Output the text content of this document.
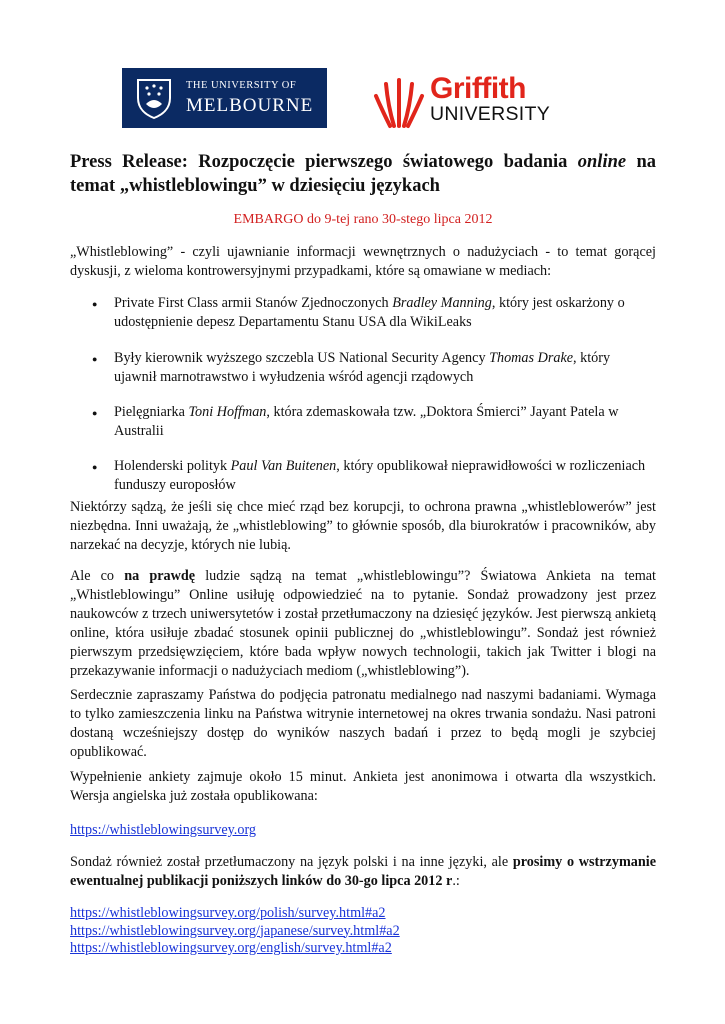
THE UNIVERSITY OF
MELBOURNE
Griffith
UNIVERSITY
Press Release: Rozpoczęcie pierwszego światowego badania online na temat „whistleblowingu” w dziesięciu językach
EMBARGO do 9-tej rano 30-stego lipca 2012

„Whistleblowing” - czyli ujawnianie informacji wewnętrznych o nadużyciach - to temat gorącej dyskusji, z wieloma kontrowersyjnymi przypadkami, które są omawiane w mediach:

● Private First Class armii Stanów Zjednoczonych Bradley Manning, który jest oskarżony o udostępnienie depesz Departamentu Stanu USA dla WikiLeaks
● Były kierownik wyższego szczebla US National Security Agency Thomas Drake, który ujawnił marnotrawstwo i wyłudzenia wśród agencji rządowych
● Pielęgniarka Toni Hoffman, która zdemaskowała tzw. „Doktora Śmierci” Jayant Patela w Australii
● Holenderski polityk Paul Van Buitenen, który opublikował nieprawidłowości w rozliczeniach funduszy europosłów

Niektórzy sądzą, że jeśli się chce mieć rząd bez korupcji, to ochrona prawna „whistleblowerów” jest niezbędna. Inni uważają, że „whistleblowing” to głównie sposób, dla biurokratów i pracowników, aby narzekać na decyzje, których nie lubią.

Ale co na prawdę ludzie sądzą na temat „whistleblowingu”? Światowa Ankieta na temat „Whistleblowingu” Online usiłuję odpowiedzieć na to pytanie. Sondaż prowadzony jest przez naukowców z trzech uniwersytetów i został przetłumaczony na dziesięć języków. Jest pierwszą ankietą online, która usiłuje zbadać stosunek opinii publicznej do „whistleblowingu”. Sondaż jest również pierwszym przedsięwzięciem, które bada wpływ nowych technologii, takich jak Twitter i blogi na przekazywanie informacji o nadużyciach mediom („whistleblowing”).

Serdecznie zapraszamy Państwa do podjęcia patronatu medialnego nad naszymi badaniami. Wymaga to tylko zamieszczenia linku na Państwa witrynie internetowej na okres trwania sondażu. Nasi patroni dostaną wcześniejszy dostęp do wyników naszych badań i przez to będą mogli je szybciej opublikować.

Wypełnienie ankiety zajmuje około 15 minut. Ankieta jest anonimowa i otwarta dla wszystkich. Wersja angielska już została opublikowana:

https://whistleblowingsurvey.org

Sondaż również został przetłumaczony na język polski i na inne języki, ale prosimy o wstrzymanie ewentualnej publikacji poniższych linków do 30-go lipca 2012 r.:

https://whistleblowingsurvey.org/polish/survey.html#a2
https://whistleblowingsurvey.org/japanese/survey.html#a2
https://whistleblowingsurvey.org/english/survey.html#a2
